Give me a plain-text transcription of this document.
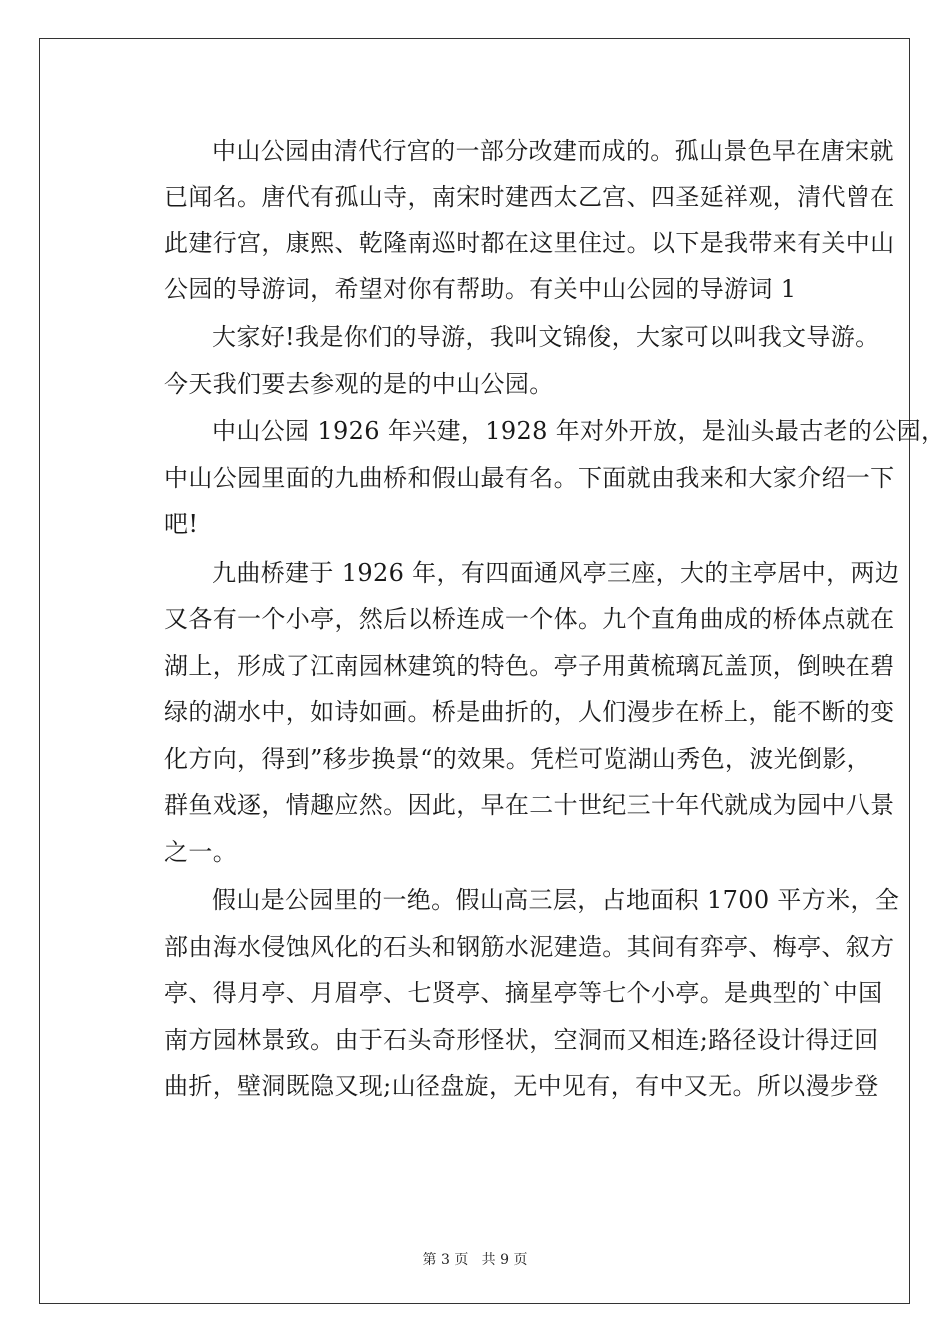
中山公园由清代行宫的一部分改建而成的。孤山景色早在唐宋就
已闻名。唐代有孤山寺，南宋时建西太乙宫、四圣延祥观，清代曾在
此建行宫，康熙、乾隆南巡时都在这里住过。以下是我带来有关中山
公园的导游词，希望对你有帮助。有关中山公园的导游词 1
大家好!我是你们的导游，我叫文锦俊，大家可以叫我文导游。
今天我们要去参观的是的中山公园。
中山公园 1926 年兴建，1928 年对外开放，是汕头最古老的公园，
中山公园里面的九曲桥和假山最有名。下面就由我来和大家介绍一下
吧!
九曲桥建于 1926 年，有四面通风亭三座，大的主亭居中，两边
又各有一个小亭，然后以桥连成一个体。九个直角曲成的桥体点就在
湖上，形成了江南园林建筑的特色。亭子用黄梳璃瓦盖顶，倒映在碧
绿的湖水中，如诗如画。桥是曲折的，人们漫步在桥上，能不断的变
化方向，得到”移步换景“的效果。凭栏可览湖山秀色，波光倒影，
群鱼戏逐，情趣应然。因此，早在二十世纪三十年代就成为园中八景
之一。
假山是公园里的一绝。假山高三层，占地面积 1700 平方米，全
部由海水侵蚀风化的石头和钢筋水泥建造。其间有弈亭、梅亭、叙方
亭、得月亭、月眉亭、七贤亭、摘星亭等七个小亭。是典型的`中国
南方园林景致。由于石头奇形怪状，空洞而又相连;路径设计得迂回
曲折，壁洞既隐又现;山径盘旋，无中见有，有中又无。所以漫步登
第 3 页   共 9 页
